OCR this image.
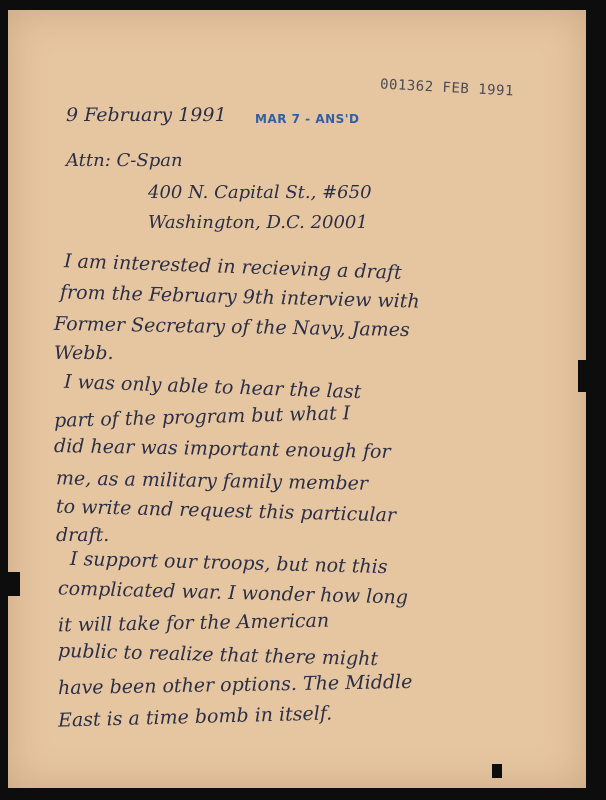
001362 FEB 1991
MAR 7 - ANS'D
9 February 1991
Attn: C-Span
400 N. Capital St., #650
Washington, D.C. 20001
I am interested in recieving a draft
from the February 9th interview with
Former Secretary of the Navy, James
Webb.
I was only able to hear the last
part of the program but what I
did hear was important enough for
me, as a military family member
to write and request this particular
draft.
I support our troops, but not this
complicated war. I wonder how long
it will take for the American
public to realize that there might
have been other options. The Middle
East is a time bomb in itself.
